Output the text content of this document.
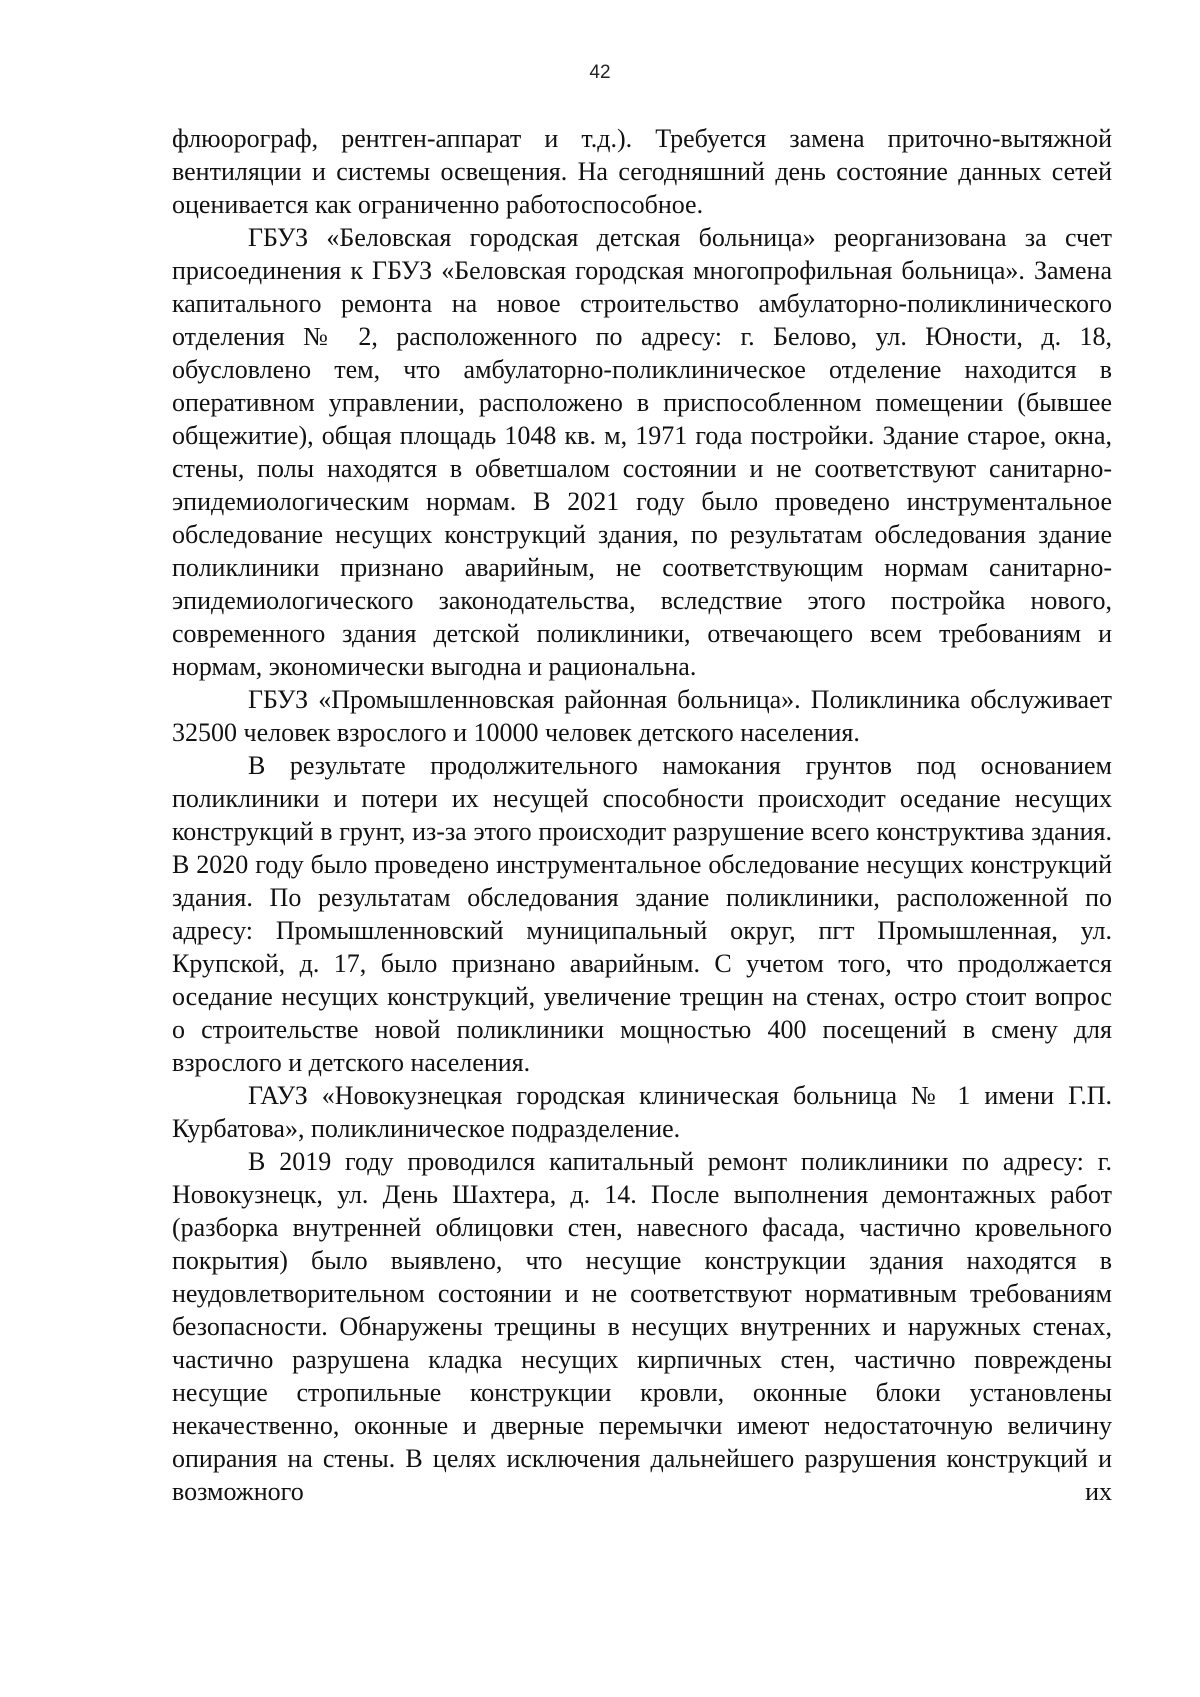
42

флюорограф, рентген-аппарат и т.д.). Требуется замена приточно-вытяжной вентиляции и системы освещения. На сегодняшний день состояние данных сетей оценивается как ограниченно работоспособное.

ГБУЗ «Беловская городская детская больница» реорганизована за счет присоединения к ГБУЗ «Беловская городская многопрофильная больница». Замена капитального ремонта на новое строительство амбулаторно-поликлинического отделения № 2, расположенного по адресу: г. Белово, ул. Юности, д. 18, обусловлено тем, что амбулаторно-поликлиническое отделение находится в оперативном управлении, расположено в приспособленном помещении (бывшее общежитие), общая площадь 1048 кв. м, 1971 года постройки. Здание старое, окна, стены, полы находятся в обветшалом состоянии и не соответствуют санитарно-эпидемиологическим нормам. В 2021 году было проведено инструментальное обследование несущих конструкций здания, по результатам обследования здание поликлиники признано аварийным, не соответствующим нормам санитарно-эпидемиологического законодательства, вследствие этого постройка нового, современного здания детской поликлиники, отвечающего всем требованиям и нормам, экономически выгодна и рациональна.

ГБУЗ «Промышленновская районная больница». Поликлиника обслуживает 32500 человек взрослого и 10000 человек детского населения.

В результате продолжительного намокания грунтов под основанием поликлиники и потери их несущей способности происходит оседание несущих конструкций в грунт, из-за этого происходит разрушение всего конструктива здания. В 2020 году было проведено инструментальное обследование несущих конструкций здания. По результатам обследования здание поликлиники, расположенной по адресу: Промышленновский муниципальный округ, пгт Промышленная, ул. Крупской, д. 17, было признано аварийным. С учетом того, что продолжается оседание несущих конструкций, увеличение трещин на стенах, остро стоит вопрос о строительстве новой поликлиники мощностью 400 посещений в смену для взрослого и детского населения.

ГАУЗ «Новокузнецкая городская клиническая больница № 1 имени Г.П. Курбатова», поликлиническое подразделение.

В 2019 году проводился капитальный ремонт поликлиники по адресу: г. Новокузнецк, ул. День Шахтера, д. 14. После выполнения демонтажных работ (разборка внутренней облицовки стен, навесного фасада, частично кровельного покрытия) было выявлено, что несущие конструкции здания находятся в неудовлетворительном состоянии и не соответствуют нормативным требованиям безопасности. Обнаружены трещины в несущих внутренних и наружных стенах, частично разрушена кладка несущих кирпичных стен, частично повреждены несущие стропильные конструкции кровли, оконные блоки установлены некачественно, оконные и дверные перемычки имеют недостаточную величину опирания на стены. В целях исключения дальнейшего разрушения конструкций и возможного их
